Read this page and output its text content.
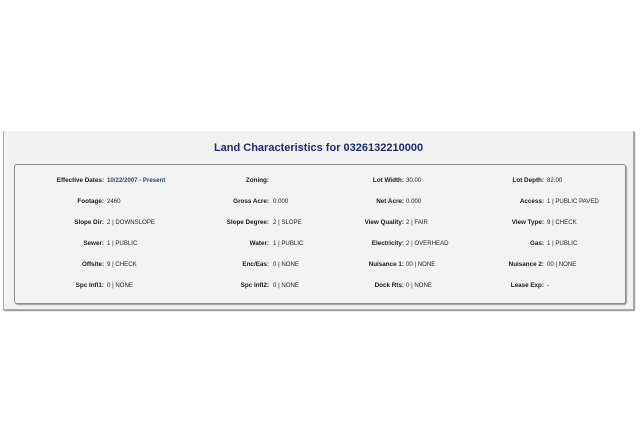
Land Characteristics for 0326132210000
Effective Dates: 10/22/2007 - Present	Zoning:	Lot Width: 30.00	Lot Depth: 82.00
Footage: 2460	Gross Acre: 0.000	Net Acre: 0.000	Access: 1 | PUBLIC PAVED
Slope Dir: 2 | DOWNSLOPE	Slope Degree: 2 | SLOPE	View Quality: 2 | FAIR	View Type: 9 | CHECK
Sewer: 1 | PUBLIC	Water: 1 | PUBLIC	Electricity: 2 | OVERHEAD	Gas: 1 | PUBLIC
Offsite: 9 | CHECK	Enc/Eas: 0 | NONE	Nuisance 1: 00 | NONE	Nuisance 2: 00 | NONE
Spc Infl1: 0 | NONE	Spc Infl2: 0 | NONE	Dock Rts: 0 | NONE	Lease Exp: -
